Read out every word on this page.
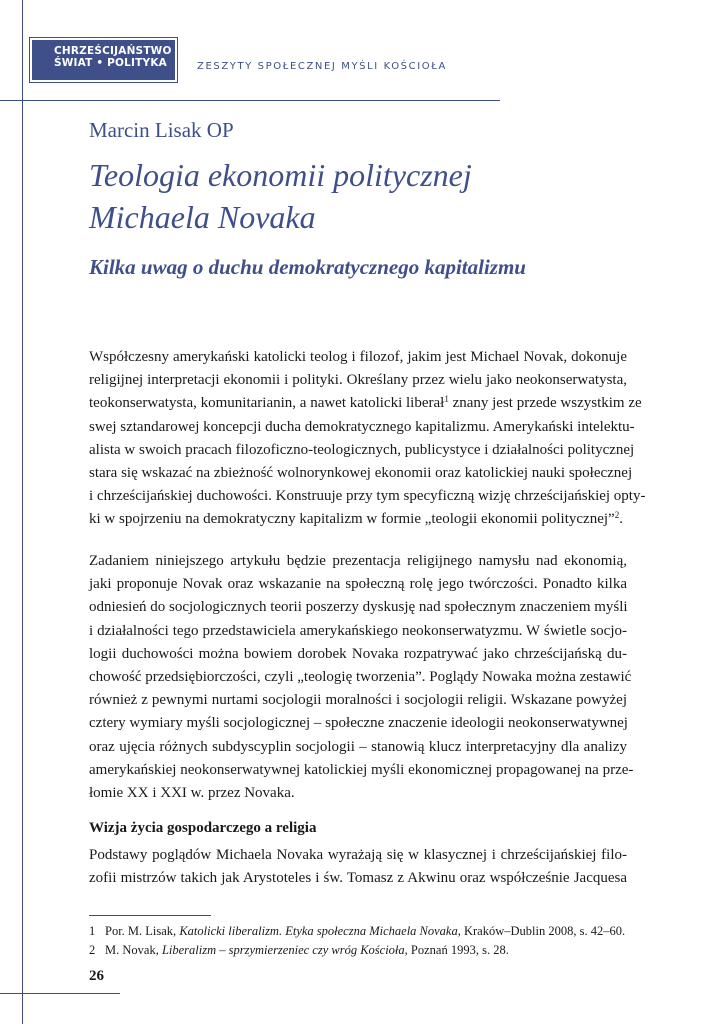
CHRZEŚCIJAŃSTWO
ŚWIAT • POLITYKA	ZESZYTY SPOŁECZNEJ MYŚLI KOŚCIOŁA
Marcin Lisak OP
Teologia ekonomii politycznej
Michaela Novaka
Kilka uwag o duchu demokratycznego kapitalizmu
Współczesny amerykański katolicki teolog i filozof, jakim jest Michael Novak, dokonuje
religijnej interpretacji ekonomii i polityki. Określany przez wielu jako neokonserwatysta,
teokonserwatysta, komunitarianin, a nawet katolicki liberał$^1$ znany jest przede wszystkim ze
swej sztandarowej koncepcji ducha demokratycznego kapitalizmu. Amerykański intelektu-
alista w swoich pracach filozoficzno-teologicznych, publicystyce i działalności politycznej
stara się wskazać na zbieżność wolnorynkowej ekonomii oraz katolickiej nauki społecznej
i chrześcijańskiej duchowości. Konstruuje przy tym specyficzną wizję chrześcijańskiej opty-
ki w spojrzeniu na demokratyczny kapitalizm w formie „teologii ekonomii politycznej”$^2$.
Zadaniem niniejszego artykułu będzie prezentacja religijnego namysłu nad ekonomią,
jaki proponuje Novak oraz wskazanie na społeczną rolę jego twórczości. Ponadto kilka
odniesień do socjologicznych teorii poszerzy dyskusję nad społecznym znaczeniem myśli
i działalności tego przedstawiciela amerykańskiego neokonserwatyzmu. W świetle socjo-
logii duchowości można bowiem dorobek Novaka rozpatrywać jako chrześcijańską du-
chowość przedsiębiorczości, czyli „teologię tworzenia”. Poglądy Nowaka można zestawić
również z pewnymi nurtami socjologii moralności i socjologii religii. Wskazane powyżej
cztery wymiary myśli socjologicznej – społeczne znaczenie ideologii neokonserwatywnej
oraz ujęcia różnych subdyscyplin socjologii – stanowią klucz interpretacyjny dla analizy
amerykańskiej neokonserwatywnej katolickiej myśli ekonomicznej propagowanej na prze-
łomie XX i XXI w. przez Novaka.
Wizja życia gospodarczego a religia
Podstawy poglądów Michaela Novaka wyrażają się w klasycznej i chrześcijańskiej filo-
zofii mistrzów takich jak Arystoteles i św. Tomasz z Akwinu oraz współcześnie Jacquesa
1 Por. M. Lisak, Katolicki liberalizm. Etyka społeczna Michaela Novaka, Kraków–Dublin 2008, s. 42–60.
2 M. Novak, Liberalizm – sprzymierzeniec czy wróg Kościoła, Poznań 1993, s. 28.
26
